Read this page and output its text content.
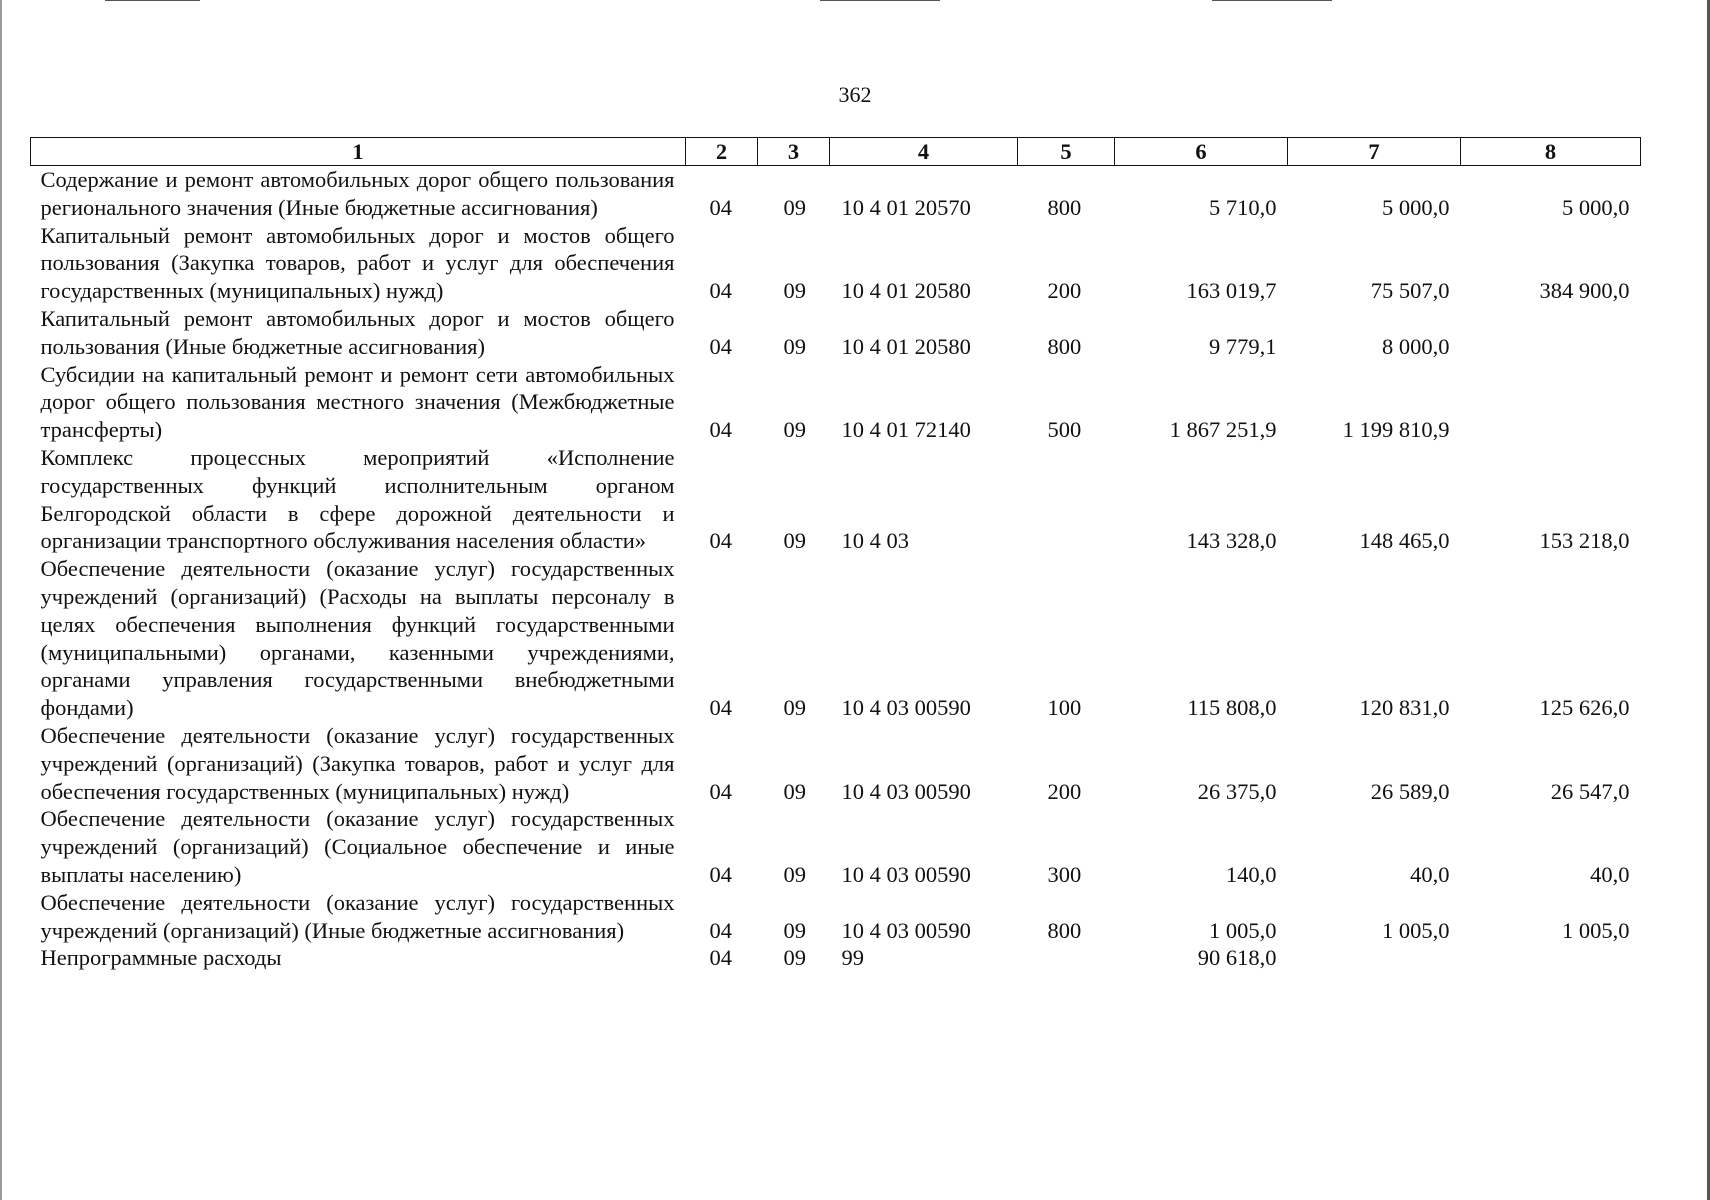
362
1	2	3	4	5	6	7	8
Содержание и ремонт автомобильных дорог общего пользования регионального значения (Иные бюджетные ассигнования)	04	09	10 4 01 20570	800	5 710,0	5 000,0	5 000,0
Капитальный ремонт автомобильных дорог и мостов общего пользования (Закупка товаров, работ и услуг для обеспечения государственных (муниципальных) нужд)	04	09	10 4 01 20580	200	163 019,7	75 507,0	384 900,0
Капитальный ремонт автомобильных дорог и мостов общего пользования (Иные бюджетные ассигнования)	04	09	10 4 01 20580	800	9 779,1	8 000,0	
Субсидии на капитальный ремонт и ремонт сети автомобильных дорог общего пользования местного значения (Межбюджетные трансферты)	04	09	10 4 01 72140	500	1 867 251,9	1 199 810,9	
Комплекс процессных мероприятий «Исполнение государственных функций исполнительным органом Белгородской области в сфере дорожной деятельности и организации транспортного обслуживания населения области»	04	09	10 4 03		143 328,0	148 465,0	153 218,0
Обеспечение деятельности (оказание услуг) государственных учреждений (организаций) (Расходы на выплаты персоналу в целях обеспечения выполнения функций государственными (муниципальными) органами, казенными учреждениями, органами управления государственными внебюджетными фондами)	04	09	10 4 03 00590	100	115 808,0	120 831,0	125 626,0
Обеспечение деятельности (оказание услуг) государственных учреждений (организаций) (Закупка товаров, работ и услуг для обеспечения государственных (муниципальных) нужд)	04	09	10 4 03 00590	200	26 375,0	26 589,0	26 547,0
Обеспечение деятельности (оказание услуг) государственных учреждений (организаций) (Социальное обеспечение и иные выплаты населению)	04	09	10 4 03 00590	300	140,0	40,0	40,0
Обеспечение деятельности (оказание услуг) государственных учреждений (организаций) (Иные бюджетные ассигнования)	04	09	10 4 03 00590	800	1 005,0	1 005,0	1 005,0
Непрограммные расходы	04	09	99		90 618,0		
